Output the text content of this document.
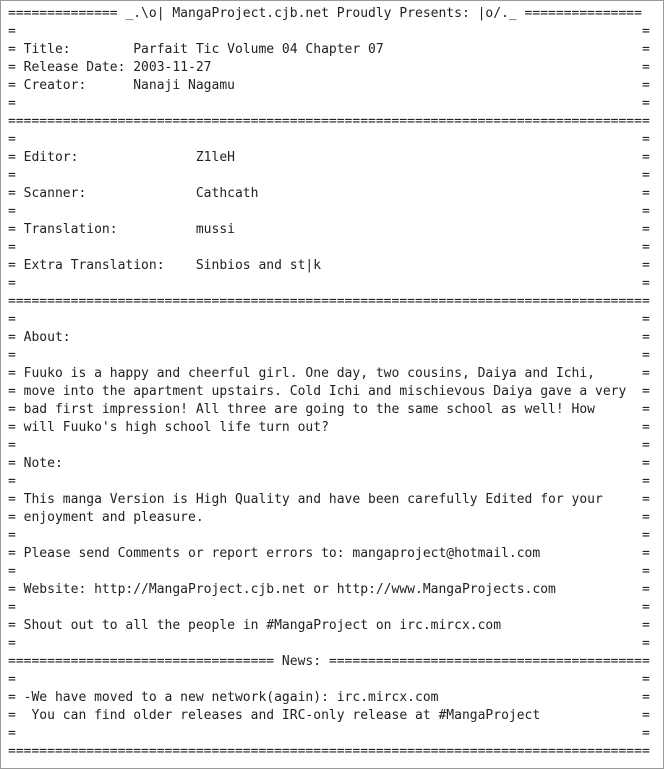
============== _.\o| MangaProject.cjb.net Proudly Presents: |o/._ ===============
=                                                                                =
= Title:        Parfait Tic Volume 04 Chapter 07                                 =
= Release Date: 2003-11-27                                                       =
= Creator:      Nanaji Nagamu                                                    =
=                                                                                =
==================================================================================
=                                                                                =
= Editor:               Z1leH                                                    =
=                                                                                =
= Scanner:              Cathcath                                                 =
=                                                                                =
= Translation:          mussi                                                    =
=                                                                                =
= Extra Translation:    Sinbios and st|k                                         =
=                                                                                =
==================================================================================
=                                                                                =
= About:                                                                         =
=                                                                                =
= Fuuko is a happy and cheerful girl. One day, two cousins, Daiya and Ichi,      =
= move into the apartment upstairs. Cold Ichi and mischievous Daiya gave a very  =
= bad first impression! All three are going to the same school as well! How      =
= will Fuuko's high school life turn out?                                        =
=                                                                                =
= Note:                                                                          =
=                                                                                =
= This manga Version is High Quality and have been carefully Edited for your     =
= enjoyment and pleasure.                                                        =
=                                                                                =
= Please send Comments or report errors to: mangaproject@hotmail.com             =
=                                                                                =
= Website: http://MangaProject.cjb.net or http://www.MangaProjects.com           =
=                                                                                =
= Shout out to all the people in #MangaProject on irc.mircx.com                  =
=                                                                                =
================================== News: =========================================
=                                                                                =
= -We have moved to a new network(again): irc.mircx.com                          =
=  You can find older releases and IRC-only release at #MangaProject             =
=                                                                                =
==================================================================================
